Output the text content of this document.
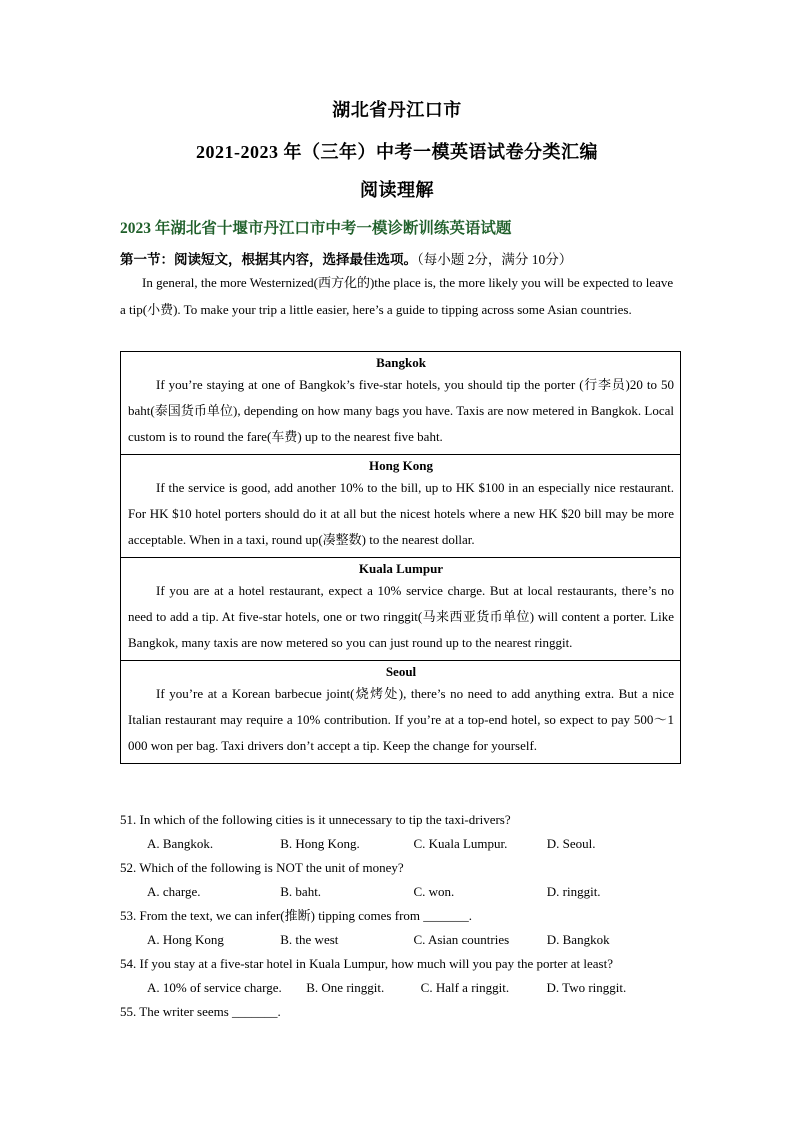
湖北省丹江口市
2021-2023 年（三年）中考一模英语试卷分类汇编
阅读理解
2023 年湖北省十堰市丹江口市中考一模诊断训练英语试题
第一节：阅读短文，根据其内容，选择最佳选项。（每小题 2分，满分 10分）
In general, the more Westernized(西方化的)the place is, the more likely you will be expected to leave a tip(小费). To make your trip a little easier, here’s a guide to tipping across some Asian countries.
Bangkok
If you’re staying at one of Bangkok’s five-star hotels, you should tip the porter (行李员)20 to 50 baht(泰国货币单位), depending on how many bags you have. Taxis are now metered in Bangkok. Local custom is to round the fare(车费) up to the nearest five baht.

Hong Kong
If the service is good, add another 10% to the bill, up to HK $100 in an especially nice restaurant. For HK $10 hotel porters should do it at all but the nicest hotels where a new HK $20 bill may be more acceptable. When in a taxi, round up(凑整数) to the nearest dollar.

Kuala Lumpur
If you are at a hotel restaurant, expect a 10% service charge. But at local restaurants, there’s no need to add a tip. At five-star hotels, one or two ringgit(马来西亚货币单位) will content a porter. Like Bangkok, many taxis are now metered so you can just round up to the nearest ringgit.

Seoul
If you’re at a Korean barbecue joint(烧烤处), there’s no need to add anything extra. But a nice Italian restaurant may require a 10% contribution. If you’re at a top-end hotel, so expect to pay 500～1 000 won per bag. Taxi drivers don’t accept a tip. Keep the change for yourself.
51. In which of the following cities is it unnecessary to tip the taxi-drivers?
A. Bangkok.	B. Hong Kong.	C. Kuala Lumpur.	D. Seoul.
52. Which of the following is NOT the unit of money?
A. charge.	B. baht.	C. won.	D. ringgit.
53. From the text, we can infer(推断) tipping comes from _______.
A. Hong Kong	B. the west	C. Asian countries	D. Bangkok
54. If you stay at a five-star hotel in Kuala Lumpur, how much will you pay the porter at least?
A. 10% of service charge.	B. One ringgit.	C. Half a ringgit.	D. Two ringgit.
55. The writer seems _______.
